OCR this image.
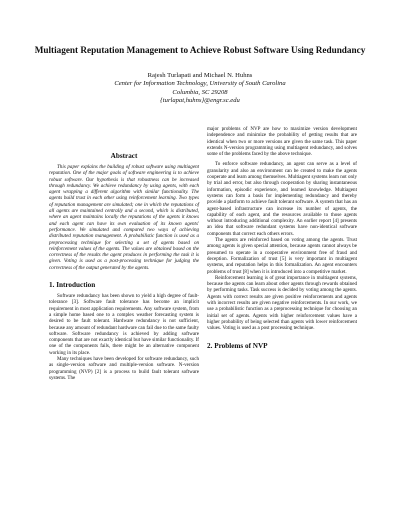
Multiagent Reputation Management to Achieve Robust Software Using Redundancy
Rajesh Turlapati and Michael N. Huhns
Center for Information Technology, University of South Carolina
Columbia, SC 29208
{turlapat,huhns}@engr.sc.edu
Abstract

This paper explains the building of robust software using multiagent reputation. One of the major goals of software engineering is to achieve robust software. Our hypothesis is that robustness can be increased through redundancy. We achieve redundancy by using agents, with each agent wrapping a different algorithm with similar functionality. The agents build trust in each other using reinforcement learning. Two types of reputation management are simulated; one in which the reputations of all agents are maintained centrally and a second, which is distributed, where an agent maintains locally the reputations of the agents it knows and each agent can have its own evaluation of its known agents' performance. We simulated and compared two ways of achieving distributed reputation management. A probabilistic function is used as a preprocessing technique for selecting a set of agents based on reinforcement values of the agents. The values are obtained based on the correctness of the results the agent produces in performing the task it is given. Voting is used as a post-processing technique for judging the correctness of the output generated by the agents.

1. Introduction

Software redundancy has been shown to yield a high degree of fault-tolerance [3]. Software fault tolerance has become an implicit requirement in most application requirements. Any software system, from a simple home based one to a complex weather forecasting system is desired to be fault tolerant. Hardware redundancy is not sufficient, because any amount of redundant hardware can fail due to the same faulty software. Software redundancy is achieved by adding software components that are not exactly identical but have similar functionality. If one of the components fails, there might be an alternative component working in its place.

Many techniques have been developed for software redundancy, such as single-version software and multiple-version software. N-version programming (NVP) [2] is a process to build fault tolerant software systems. The

major problems of NVP are how to maximize version development independence and minimize the probability of getting results that are identical when two or more versions are given the same task. This paper extends N-version programming using multiagent redundancy, and solves some of the problems faced by the above technique.

To enforce software redundancy, an agent can serve as a level of granularity and also an environment can be created to make the agents cooperate and learn among themselves. Multiagent systems learn not only by trial and error, but also through cooperation by sharing instantaneous information, episodic experience, and learned knowledge. Multiagent systems can form a basis for implementing redundancy and thereby provide a platform to achieve fault tolerant software. A system that has an agent-based infrastructure can increase its number of agents, the capability of each agent, and the resources available to those agents without introducing additional complexity. An earlier report [4] presents an idea that software redundant systems have non-identical software components that correct each others errors.

The agents are reinforced based on voting among the agents. Trust among agents is given special attention, because agents cannot always be presumed to operate in a cooperative environment free of fraud and deception. Formalization of trust [5] is very important in multiagent systems, and reputation helps in this formalization. An agent encounters problems of trust [8] when it is introduced into a competitive market.

Reinforcement learning is of great importance in multiagent systems, because the agents can learn about other agents through rewards obtained by performing tasks. Task success is decided by voting among the agents. Agents with correct results are given positive reinforcements and agents with incorrect results are given negative reinforcements. In our work, we use a probabilistic function as a preprocessing technique for choosing an initial set of agents. Agents with higher reinforcement values have a higher probability of being selected than agents with lower reinforcement values. Voting is used as a post processing technique.

2. Problems of NVP
